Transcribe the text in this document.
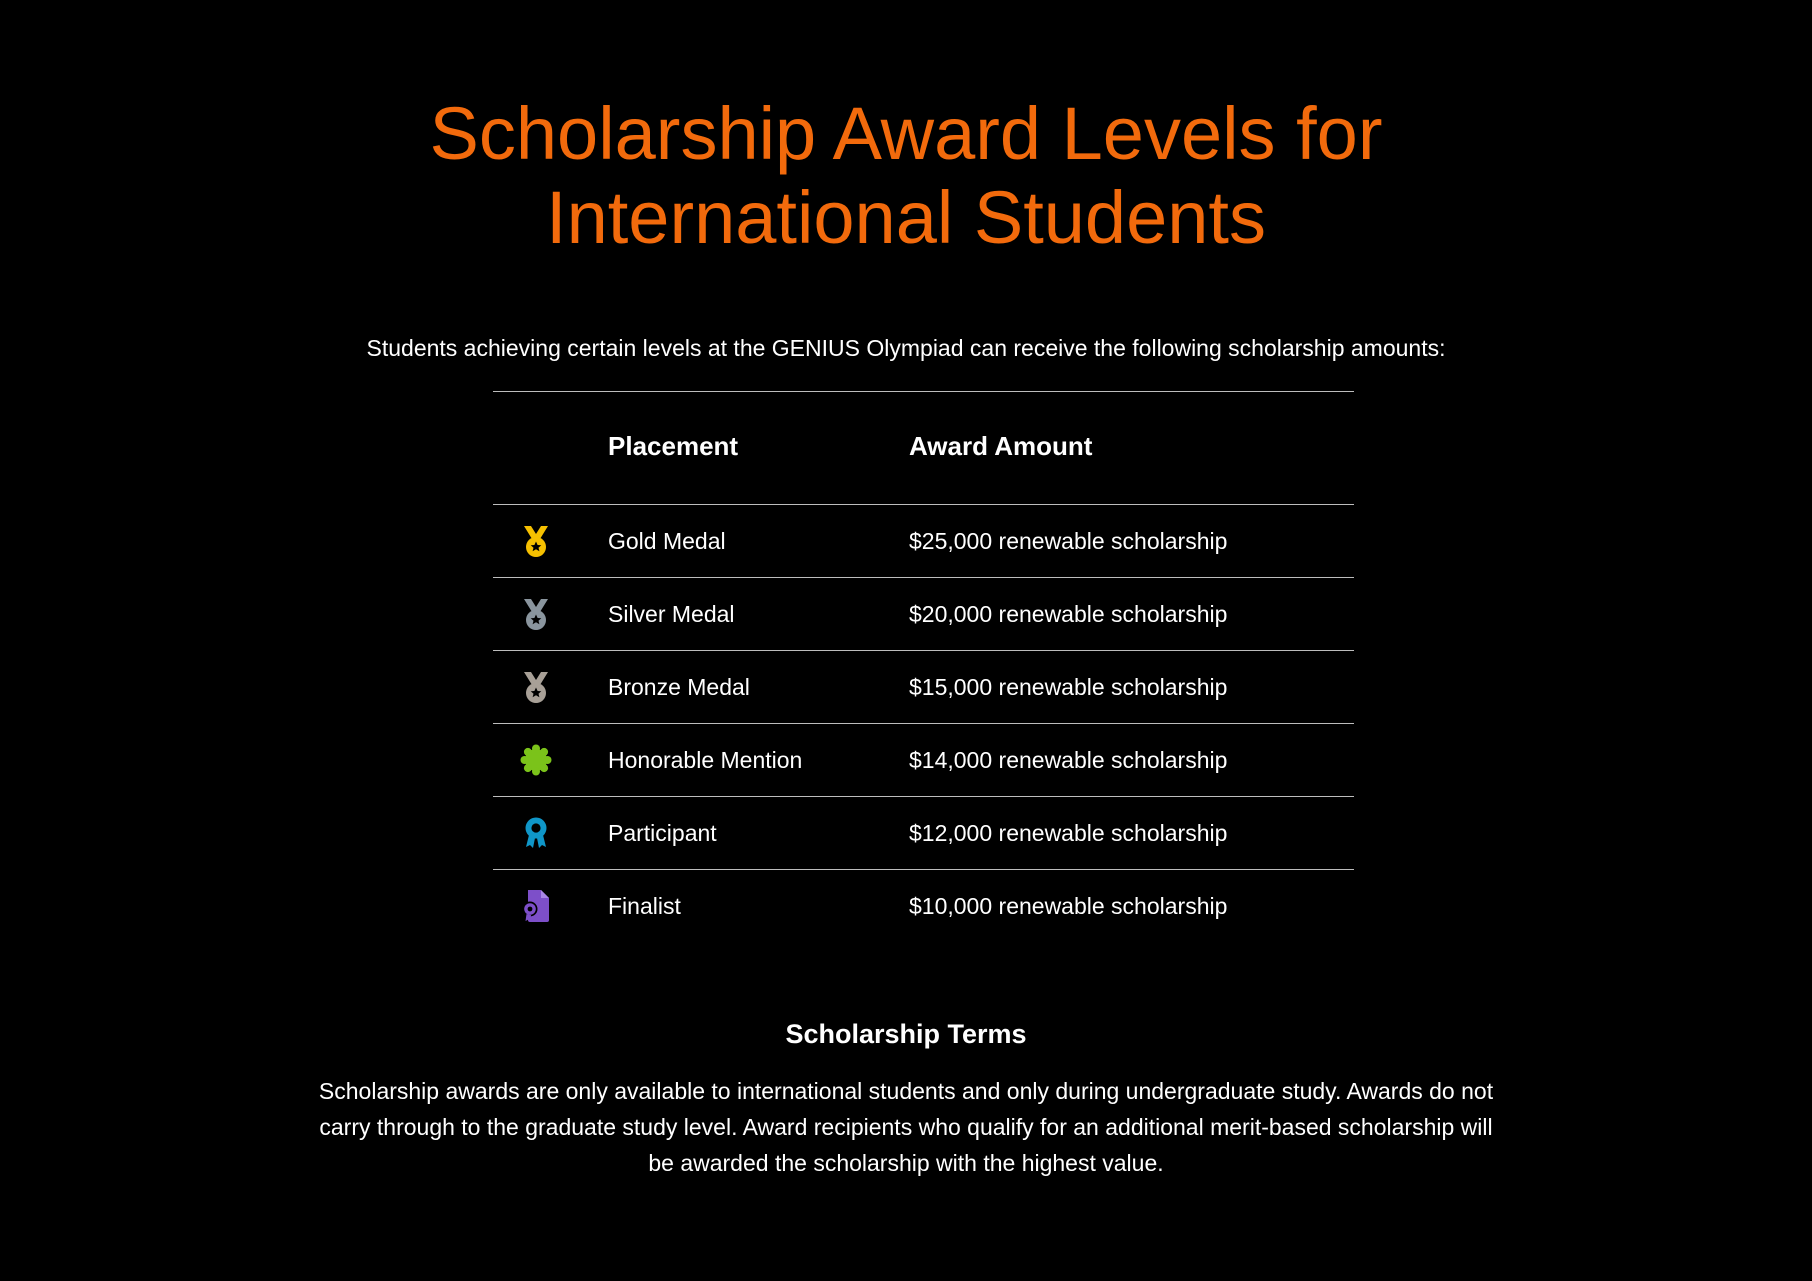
Scholarship Award Levels for International Students

Students achieving certain levels at the GENIUS Olympiad can receive the following scholarship amounts:

	Placement	Award Amount

	Gold Medal	$25,000 renewable scholarship

	Silver Medal	$20,000 renewable scholarship

	Bronze Medal	$15,000 renewable scholarship

	Honorable Mention	$14,000 renewable scholarship

	Participant	$12,000 renewable scholarship

	Finalist	$10,000 renewable scholarship
Scholarship Terms

Scholarship awards are only available to international students and only during undergraduate study. Awards do not carry through to the graduate study level. Award recipients who qualify for an additional merit-based scholarship will be awarded the scholarship with the highest value.
